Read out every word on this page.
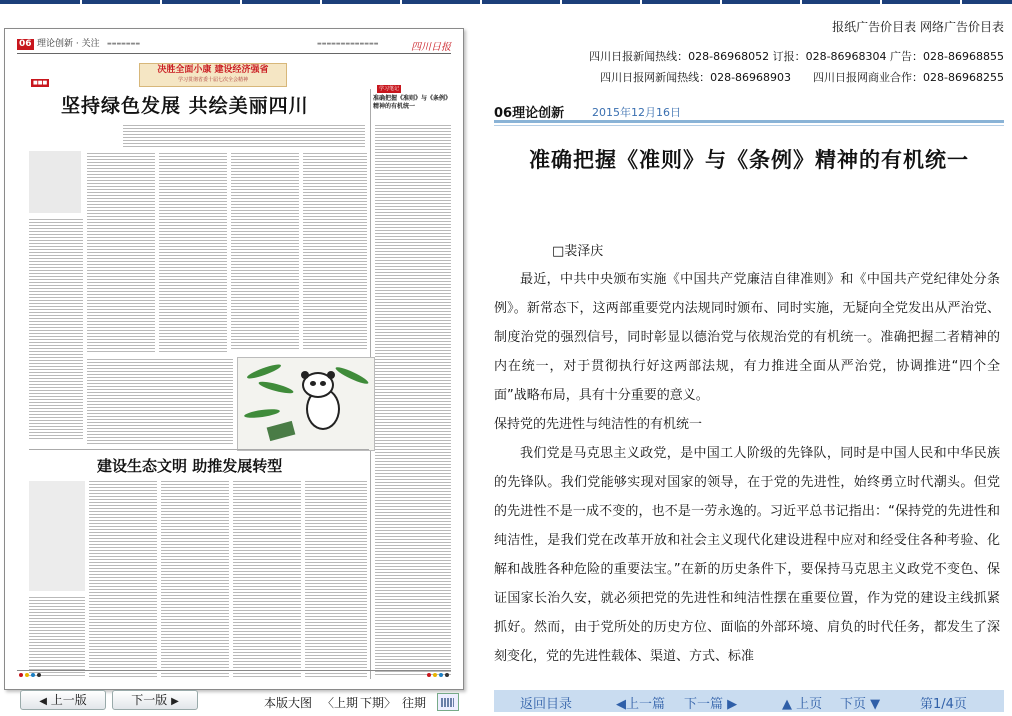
06 理论创新 · 关注 ▬▬▬▬▬▬▬	▬▬▬▬▬▬▬▬▬▬▬▬▬	四川日报
决胜全面小康 建设经济强省
学习贯彻省委十届七次全会精神
学习笔记
■■■
坚持绿色发展 共绘美丽四川	准确把握《准则》与《条例》精神的有机统一
建设生态文明 助推发展转型
◀ 上一版	下一版 ▶	本版大图 〈上期 下期〉 往期
报纸广告价目表 网络广告价目表
四川日报新闻热线：028-86968052 订报：028-86968304 广告：028-86968855
四川日报网新闻热线：028-86968903　　四川日报网商业合作：028-86968255
06理论创新	2015年12月16日
准确把握《准则》与《条例》精神的有机统一
□裴泽庆

最近，中共中央颁布实施《中国共产党廉洁自律准则》和《中国共产党纪律处分条例》。新常态下，这两部重要党内法规同时颁布、同时实施，无疑向全党发出从严治党、制度治党的强烈信号，同时彰显以德治党与依规治党的有机统一。准确把握二者精神的内在统一，对于贯彻执行好这两部法规，有力推进全面从严治党，协调推进“四个全面”战略布局，具有十分重要的意义。

保持党的先进性与纯洁性的有机统一

我们党是马克思主义政党，是中国工人阶级的先锋队，同时是中国人民和中华民族的先锋队。我们党能够实现对国家的领导，在于党的先进性，始终勇立时代潮头。但党的先进性不是一成不变的，也不是一劳永逸的。习近平总书记指出：“保持党的先进性和纯洁性，是我们党在改革开放和社会主义现代化建设进程中应对和经受住各种考验、化解和战胜各种危险的重要法宝。”在新的历史条件下，要保持马克思主义政党不变色、保证国家长治久安，就必须把党的先进性和纯洁性摆在重要位置，作为党的建设主线抓紧抓好。然而，由于党所处的历史方位、面临的外部环境、肩负的时代任务，都发生了深刻变化，党的先进性载体、渠道、方式、标准

返回目录	◀上一篇 下一篇 ▶	▲ 上页 下页 ▼	第1/4页
